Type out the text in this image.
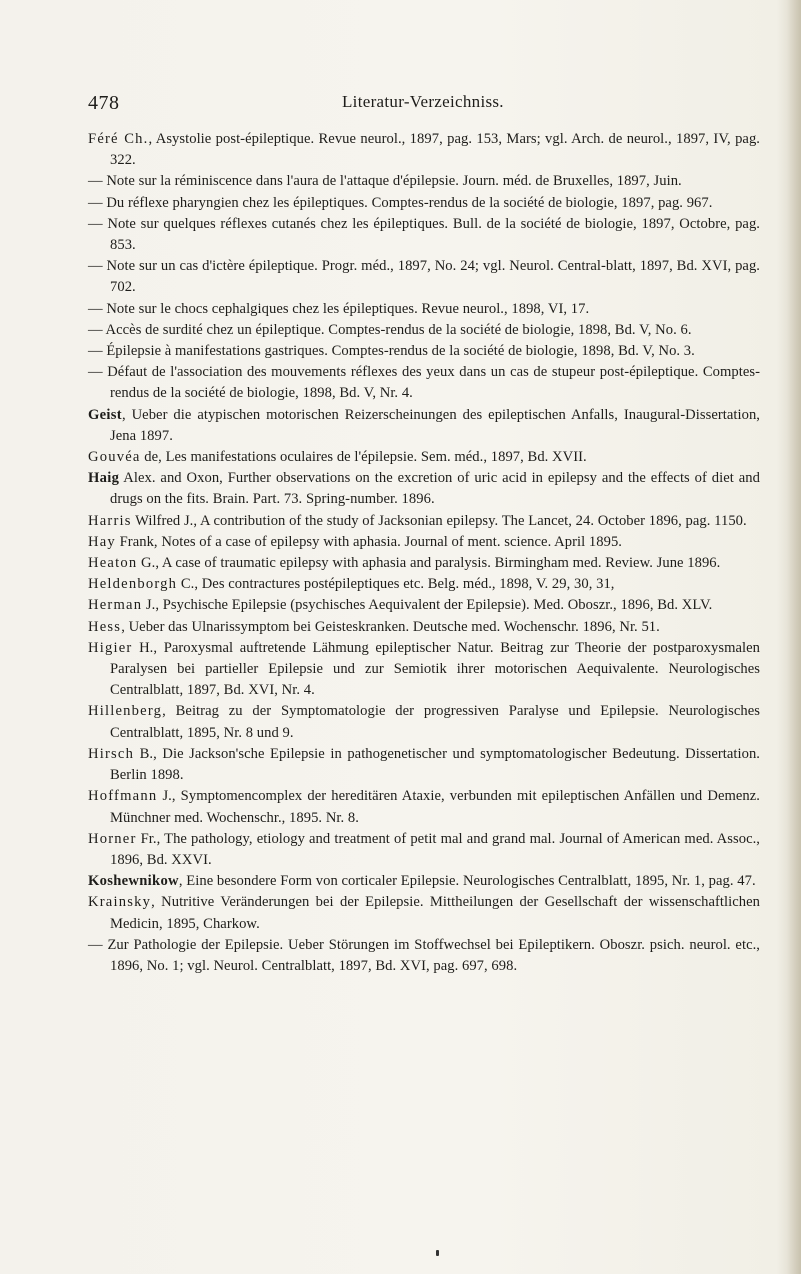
478	Literatur-Verzeichniss.

Féré Ch., Asystolie post-épileptique. Revue neurol., 1897, pag. 153, Mars; vgl. Arch. de neurol., 1897, IV, pag. 322.

— Note sur la réminiscence dans l'aura de l'attaque d'épilepsie. Journ. méd. de Bruxelles, 1897, Juin.

— Du réflexe pharyngien chez les épileptiques. Comptes-rendus de la société de biologie, 1897, pag. 967.

— Note sur quelques réflexes cutanés chez les épileptiques. Bull. de la société de biologie, 1897, Octobre, pag. 853.

— Note sur un cas d'ictère épileptique. Progr. méd., 1897, No. 24; vgl. Neurol. Central-blatt, 1897, Bd. XVI, pag. 702.

— Note sur le chocs cephalgiques chez les épileptiques. Revue neurol., 1898, VI, 17.

— Accès de surdité chez un épileptique. Comptes-rendus de la société de biologie, 1898, Bd. V, No. 6.

— Épilepsie à manifestations gastriques. Comptes-rendus de la société de biologie, 1898, Bd. V, No. 3.

— Défaut de l'association des mouvements réflexes des yeux dans un cas de stupeur post-épileptique. Comptes-rendus de la société de biologie, 1898, Bd. V, Nr. 4.

Geist, Ueber die atypischen motorischen Reizerscheinungen des epileptischen Anfalls, Inaugural-Dissertation, Jena 1897.

Gouvéa de, Les manifestations oculaires de l'épilepsie. Sem. méd., 1897, Bd. XVII.

Haig Alex. and Oxon, Further observations on the excretion of uric acid in epilepsy and the effects of diet and drugs on the fits. Brain. Part. 73. Spring-number. 1896.

Harris Wilfred J., A contribution of the study of Jacksonian epilepsy. The Lancet, 24. October 1896, pag. 1150.

Hay Frank, Notes of a case of epilepsy with aphasia. Journal of ment. science. April 1895.

Heaton G., A case of traumatic epilepsy with aphasia and paralysis. Birmingham med. Review. June 1896.

Heldenborgh C., Des contractures postépileptiques etc. Belg. méd., 1898, V. 29, 30, 31,

Herman J., Psychische Epilepsie (psychisches Aequivalent der Epilepsie). Med. Oboszr., 1896, Bd. XLV.

Hess, Ueber das Ulnarissymptom bei Geisteskranken. Deutsche med. Wochenschr. 1896, Nr. 51.

Higier H., Paroxysmal auftretende Lähmung epileptischer Natur. Beitrag zur Theorie der postparoxysmalen Paralysen bei partieller Epilepsie und zur Semiotik ihrer motorischen Aequivalente. Neurologisches Centralblatt, 1897, Bd. XVI, Nr. 4.

Hillenberg, Beitrag zu der Symptomatologie der progressiven Paralyse und Epilepsie. Neurologisches Centralblatt, 1895, Nr. 8 und 9.

Hirsch B., Die Jackson'sche Epilepsie in pathogenetischer und symptomatologischer Bedeutung. Dissertation. Berlin 1898.

Hoffmann J., Symptomencomplex der hereditären Ataxie, verbunden mit epileptischen Anfällen und Demenz. Münchner med. Wochenschr., 1895. Nr. 8.

Horner Fr., The pathology, etiology and treatment of petit mal and grand mal. Journal of American med. Assoc., 1896, Bd. XXVI.

Koshewnikow, Eine besondere Form von corticaler Epilepsie. Neurologisches Centralblatt, 1895, Nr. 1, pag. 47.

Krainsky, Nutritive Veränderungen bei der Epilepsie. Mittheilungen der Gesellschaft der wissenschaftlichen Medicin, 1895, Charkow.

— Zur Pathologie der Epilepsie. Ueber Störungen im Stoffwechsel bei Epileptikern. Oboszr. psich. neurol. etc., 1896, No. 1; vgl. Neurol. Centralblatt, 1897, Bd. XVI, pag. 697, 698.
